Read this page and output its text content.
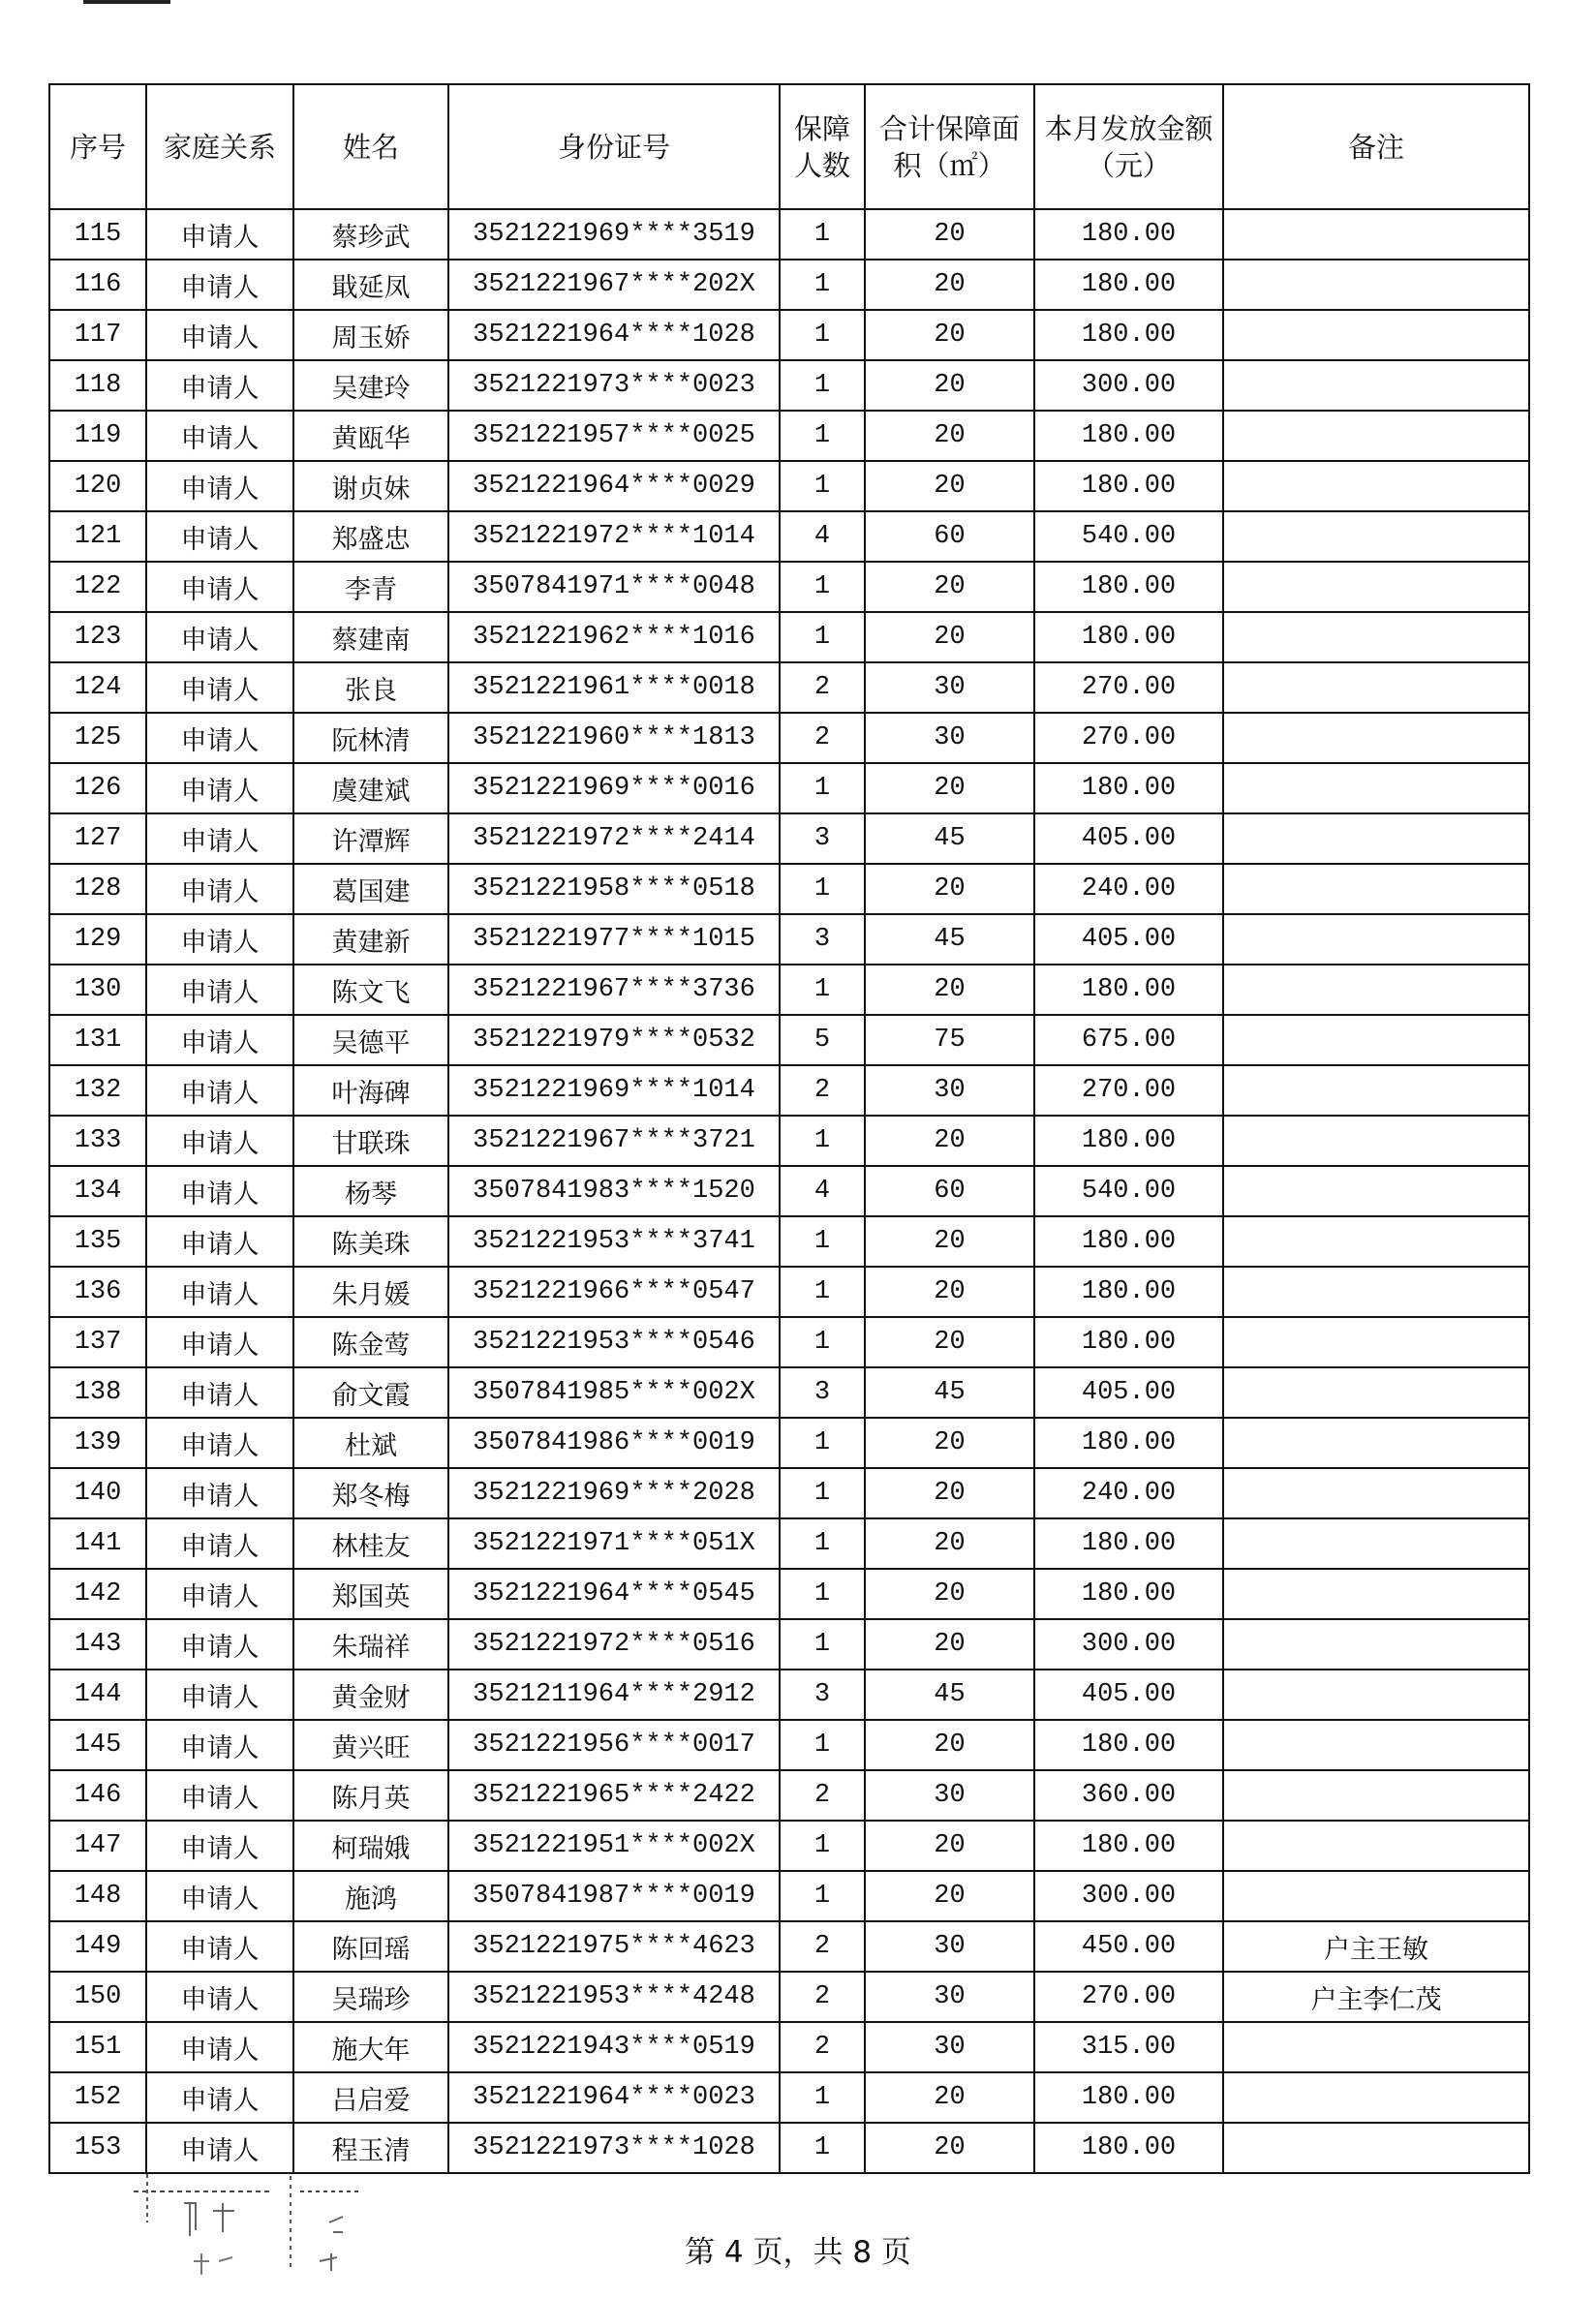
序号	家庭关系	姓名	身份证号	保障人数	合计保障面积（㎡）	本月发放金额（元）	备注
115	申请人	蔡珍武	3521221969****3519	1	20	180.00	
116	申请人	戢延凤	3521221967****202X	1	20	180.00	
117	申请人	周玉娇	3521221964****1028	1	20	180.00	
118	申请人	吴建玲	3521221973****0023	1	20	300.00	
119	申请人	黄瓯华	3521221957****0025	1	20	180.00	
120	申请人	谢贞妹	3521221964****0029	1	20	180.00	
121	申请人	郑盛忠	3521221972****1014	4	60	540.00	
122	申请人	李青	3507841971****0048	1	20	180.00	
123	申请人	蔡建南	3521221962****1016	1	20	180.00	
124	申请人	张良	3521221961****0018	2	30	270.00	
125	申请人	阮林清	3521221960****1813	2	30	270.00	
126	申请人	虞建斌	3521221969****0016	1	20	180.00	
127	申请人	许潭辉	3521221972****2414	3	45	405.00	
128	申请人	葛国建	3521221958****0518	1	20	240.00	
129	申请人	黄建新	3521221977****1015	3	45	405.00	
130	申请人	陈文飞	3521221967****3736	1	20	180.00	
131	申请人	吴德平	3521221979****0532	5	75	675.00	
132	申请人	叶海碑	3521221969****1014	2	30	270.00	
133	申请人	甘联珠	3521221967****3721	1	20	180.00	
134	申请人	杨琴	3507841983****1520	4	60	540.00	
135	申请人	陈美珠	3521221953****3741	1	20	180.00	
136	申请人	朱月媛	3521221966****0547	1	20	180.00	
137	申请人	陈金莺	3521221953****0546	1	20	180.00	
138	申请人	俞文霞	3507841985****002X	3	45	405.00	
139	申请人	杜斌	3507841986****0019	1	20	180.00	
140	申请人	郑冬梅	3521221969****2028	1	20	240.00	
141	申请人	林桂友	3521221971****051X	1	20	180.00	
142	申请人	郑国英	3521221964****0545	1	20	180.00	
143	申请人	朱瑞祥	3521221972****0516	1	20	300.00	
144	申请人	黄金财	3521211964****2912	3	45	405.00	
145	申请人	黄兴旺	3521221956****0017	1	20	180.00	
146	申请人	陈月英	3521221965****2422	2	30	360.00	
147	申请人	柯瑞娥	3521221951****002X	1	20	180.00	
148	申请人	施鸿	3507841987****0019	1	20	300.00	
149	申请人	陈回瑶	3521221975****4623	2	30	450.00	户主王敏
150	申请人	吴瑞珍	3521221953****4248	2	30	270.00	户主李仁茂
151	申请人	施大年	3521221943****0519	2	30	315.00	
152	申请人	吕启爱	3521221964****0023	1	20	180.00	
153	申请人	程玉清	3521221973****1028	1	20	180.00	
第 4 页，共 8 页
